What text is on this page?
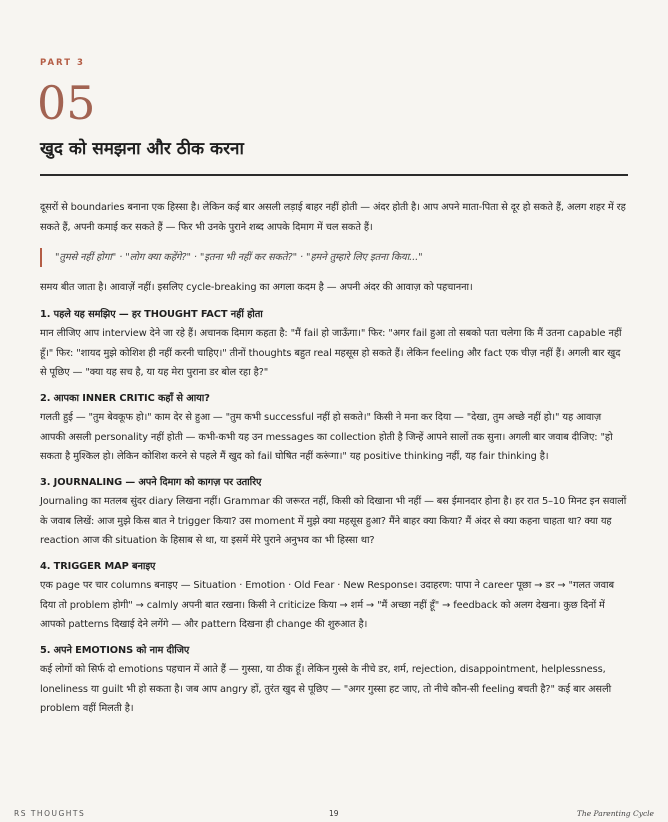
PART 3
05
खुद को समझना और ठीक करना

दूसरों से boundaries बनाना एक हिस्सा है। लेकिन कई बार असली लड़ाई बाहर नहीं होती — अंदर होती है। आप अपने माता-पिता से दूर हो सकते हैं, अलग शहर में रह सकते हैं, अपनी कमाई कर सकते हैं — फिर भी उनके पुराने शब्द आपके दिमाग में चल सकते हैं।

"तुमसे नहीं होगा" · "लोग क्या कहेंगे?" · "इतना भी नहीं कर सकते?" · "हमने तुम्हारे लिए इतना किया..."

समय बीत जाता है। आवाज़ें नहीं। इसलिए cycle-breaking का अगला कदम है — अपनी अंदर की आवाज़ को पहचानना।

1. पहले यह समझिए — हर THOUGHT FACT नहीं होता

मान लीजिए आप interview देने जा रहे हैं। अचानक दिमाग कहता है: "मैं fail हो जाऊँगा।" फिर: "अगर fail हुआ तो सबको पता चलेगा कि मैं उतना capable नहीं हूँ।" फिर: "शायद मुझे कोशिश ही नहीं करनी चाहिए।" तीनों thoughts बहुत real महसूस हो सकते हैं। लेकिन feeling और fact एक चीज़ नहीं हैं। अगली बार खुद से पूछिए — "क्या यह सच है, या यह मेरा पुराना डर बोल रहा है?"

2. आपका INNER CRITIC कहाँ से आया?

गलती हुई — "तुम बेवकूफ हो।" काम देर से हुआ — "तुम कभी successful नहीं हो सकते।" किसी ने मना कर दिया — "देखा, तुम अच्छे नहीं हो।" यह आवाज़ आपकी असली personality नहीं होती — कभी-कभी यह उन messages का collection होती है जिन्हें आपने सालों तक सुना। अगली बार जवाब दीजिए: "हो सकता है मुश्किल हो। लेकिन कोशिश करने से पहले मैं खुद को fail घोषित नहीं करूंगा।" यह positive thinking नहीं, यह fair thinking है।

3. JOURNALING — अपने दिमाग को कागज़ पर उतारिए

Journaling का मतलब सुंदर diary लिखना नहीं। Grammar की जरूरत नहीं, किसी को दिखाना भी नहीं — बस ईमानदार होना है। हर रात 5–10 मिनट इन सवालों के जवाब लिखें: आज मुझे किस बात ने trigger किया? उस moment में मुझे क्या महसूस हुआ? मैंने बाहर क्या किया? मैं अंदर से क्या कहना चाहता था? क्या यह reaction आज की situation के हिसाब से था, या इसमें मेरे पुराने अनुभव का भी हिस्सा था?

4. TRIGGER MAP बनाइए

एक page पर चार columns बनाइए — Situation · Emotion · Old Fear · New Response। उदाहरण: पापा ने career पूछा → डर → "गलत जवाब दिया तो problem होगी" → calmly अपनी बात रखना। किसी ने criticize किया → शर्म → "मैं अच्छा नहीं हूँ" → feedback को अलग देखना। कुछ दिनों में आपको patterns दिखाई देने लगेंगे — और pattern दिखना ही change की शुरुआत है।

5. अपने EMOTIONS को नाम दीजिए

कई लोगों को सिर्फ दो emotions पहचान में आते हैं — गुस्सा, या ठीक हूँ। लेकिन गुस्से के नीचे डर, शर्म, rejection, disappointment, helplessness, loneliness या guilt भी हो सकता है। जब आप angry हों, तुरंत खुद से पूछिए — "अगर गुस्सा हट जाए, तो नीचे कौन-सी feeling बचती है?" कई बार असली problem वहीं मिलती है।

RS THOUGHTS	19	The Parenting Cycle
